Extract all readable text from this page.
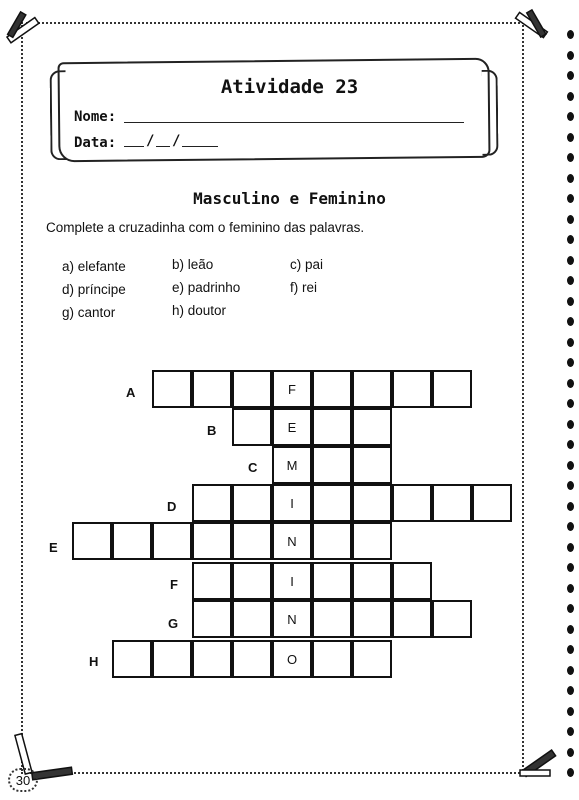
Atividade 23
Nome:
Data: / /
Masculino e Feminino
Complete a cruzadinha com o feminino das palavras.
a) elefante	b) leão	c) pai
d) príncipe	e) padrinho	f) rei
g) cantor	h) doutor
A
B
C
D
E
F
G
H
F
E
M
I
N
I
N
O
30
